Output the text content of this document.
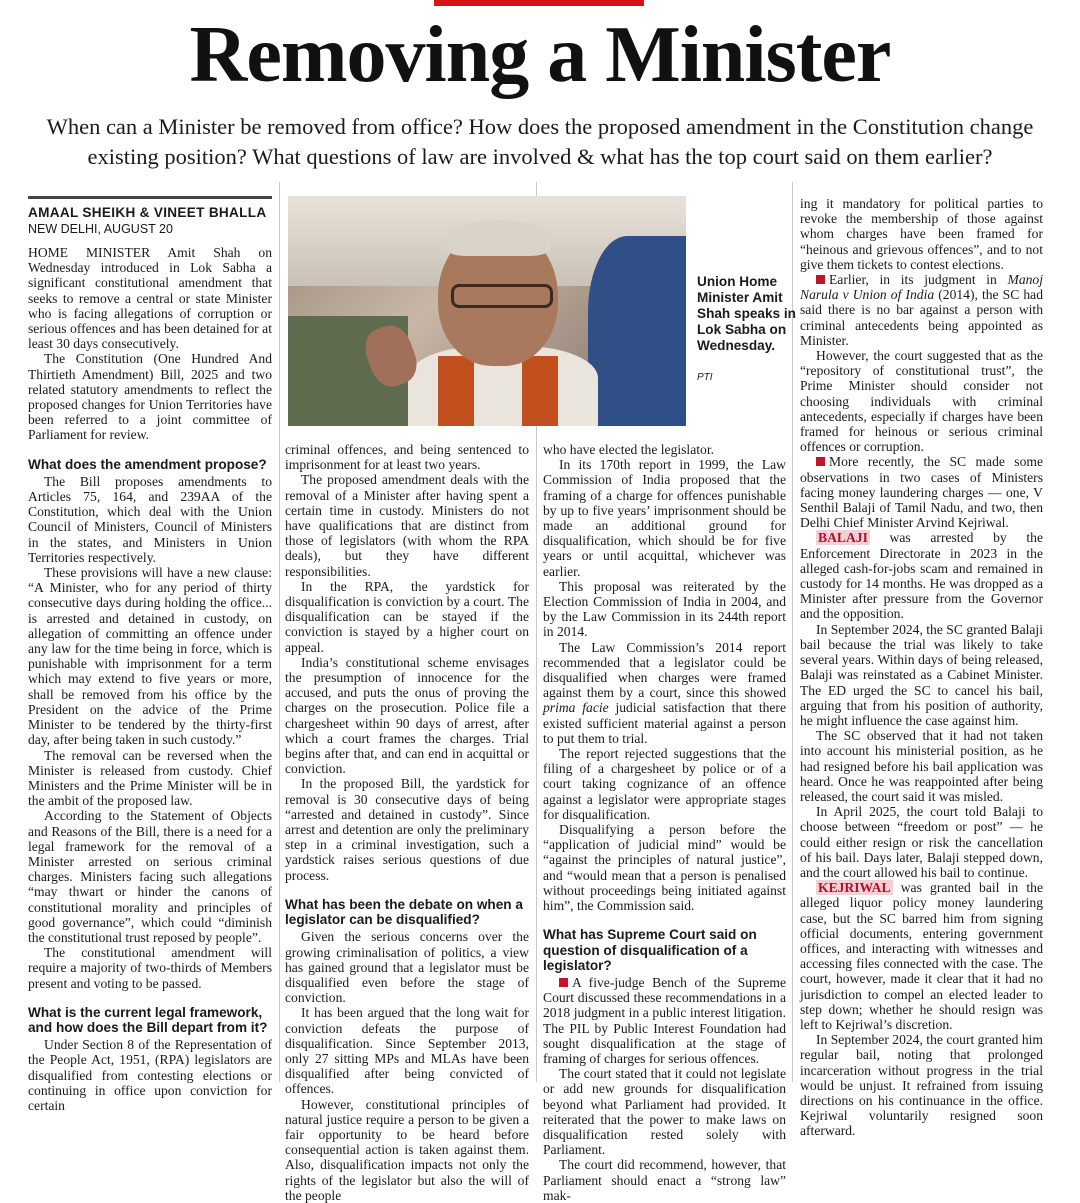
Removing a Minister
When can a Minister be removed from office? How does the proposed amendment in the Constitution change existing position? What questions of law are involved & what has the top court said on them earlier?
AMAAL SHEIKH & VINEET BHALLA
NEW DELHI, AUGUST 20

HOME MINISTER Amit Shah on Wednesday introduced in Lok Sabha a significant constitutional amendment that seeks to remove a central or state Minister who is facing allegations of corruption or serious offences and has been detained for at least 30 days consecutively.

The Constitution (One Hundred And Thirtieth Amendment) Bill, 2025 and two related statutory amendments to reflect the proposed changes for Union Territories have been referred to a joint committee of Parliament for review.

What does the amendment propose?

The Bill proposes amendments to Articles 75, 164, and 239AA of the Constitution, which deal with the Union Council of Ministers, Council of Ministers in the states, and Ministers in Union Territories respectively.

These provisions will have a new clause: “A Minister, who for any period of thirty consecutive days during holding the office... is arrested and detained in custody, on allegation of committing an offence under any law for the time being in force, which is punishable with imprisonment for a term which may extend to five years or more, shall be removed from his office by the President on the advice of the Prime Minister to be tendered by the thirty-first day, after being taken in such custody.”

The removal can be reversed when the Minister is released from custody. Chief Ministers and the Prime Minister will be in the ambit of the proposed law.

According to the Statement of Objects and Reasons of the Bill, there is a need for a legal framework for the removal of a Minister arrested on serious criminal charges. Ministers facing such allegations “may thwart or hinder the canons of constitutional morality and principles of good governance”, which could “diminish the constitutional trust reposed by people”.

The constitutional amendment will require a majority of two-thirds of Members present and voting to be passed.

What is the current legal framework, and how does the Bill depart from it?

Under Section 8 of the Representation of the People Act, 1951, (RPA) legislators are disqualified from contesting elections or continuing in office upon conviction for certain

Union Home Minister Amit Shah speaks in Lok Sabha on Wednesday.
PTI

criminal offences, and being sentenced to imprisonment for at least two years.

The proposed amendment deals with the removal of a Minister after having spent a certain time in custody. Ministers do not have qualifications that are distinct from those of legislators (with whom the RPA deals), but they have different responsibilities.

In the RPA, the yardstick for disqualification is conviction by a court. The disqualification can be stayed if the conviction is stayed by a higher court on appeal.

India’s constitutional scheme envisages the presumption of innocence for the accused, and puts the onus of proving the charges on the prosecution. Police file a chargesheet within 90 days of arrest, after which a court frames the charges. Trial begins after that, and can end in acquittal or conviction.

In the proposed Bill, the yardstick for removal is 30 consecutive days of being “arrested and detained in custody”. Since arrest and detention are only the preliminary step in a criminal investigation, such a yardstick raises serious questions of due process.

What has been the debate on when a legislator can be disqualified?

Given the serious concerns over the growing criminalisation of politics, a view has gained ground that a legislator must be disqualified even before the stage of conviction.

It has been argued that the long wait for conviction defeats the purpose of disqualification. Since September 2013, only 27 sitting MPs and MLAs have been disqualified after being convicted of offences.

However, constitutional principles of natural justice require a person to be given a fair opportunity to be heard before consequential action is taken against them. Also, disqualification impacts not only the rights of the legislator but also the will of the people

who have elected the legislator.

In its 170th report in 1999, the Law Commission of India proposed that the framing of a charge for offences punishable by up to five years’ imprisonment should be made an additional ground for disqualification, which should be for five years or until acquittal, whichever was earlier.

This proposal was reiterated by the Election Commission of India in 2004, and by the Law Commission in its 244th report in 2014.

The Law Commission’s 2014 report recommended that a legislator could be disqualified when charges were framed against them by a court, since this showed prima facie judicial satisfaction that there existed sufficient material against a person to put them to trial.

The report rejected suggestions that the filing of a chargesheet by police or of a court taking cognizance of an offence against a legislator were appropriate stages for disqualification.

Disqualifying a person before the “application of judicial mind” would be “against the principles of natural justice”, and “would mean that a person is penalised without proceedings being initiated against him”, the Commission said.

What has Supreme Court said on question of disqualification of a legislator?

A five-judge Bench of the Supreme Court discussed these recommendations in a 2018 judgment in a public interest litigation. The PIL by Public Interest Foundation had sought disqualification at the stage of framing of charges for serious offences.

The court stated that it could not legislate or add new grounds for disqualification beyond what Parliament had provided. It reiterated that the power to make laws on disqualification rested solely with Parliament.

The court did recommend, however, that Parliament should enact a “strong law” mak-

ing it mandatory for political parties to revoke the membership of those against whom charges have been framed for “heinous and grievous offences”, and to not give them tickets to contest elections.

Earlier, in its judgment in Manoj Narula v Union of India (2014), the SC had said there is no bar against a person with criminal antecedents being appointed as Minister.

However, the court suggested that as the “repository of constitutional trust”, the Prime Minister should consider not choosing individuals with criminal antecedents, especially if charges have been framed for heinous or serious criminal offences or corruption.

More recently, the SC made some observations in two cases of Ministers facing money laundering charges — one, V Senthil Balaji of Tamil Nadu, and two, then Delhi Chief Minister Arvind Kejriwal.

BALAJI was arrested by the Enforcement Directorate in 2023 in the alleged cash-for-jobs scam and remained in custody for 14 months. He was dropped as a Minister after pressure from the Governor and the opposition.

In September 2024, the SC granted Balaji bail because the trial was likely to take several years. Within days of being released, Balaji was reinstated as a Cabinet Minister. The ED urged the SC to cancel his bail, arguing that from his position of authority, he might influence the case against him.

The SC observed that it had not taken into account his ministerial position, as he had resigned before his bail application was heard. Once he was reappointed after being released, the court said it was misled.

In April 2025, the court told Balaji to choose between “freedom or post” — he could either resign or risk the cancellation of his bail. Days later, Balaji stepped down, and the court allowed his bail to continue.

KEJRIWAL was granted bail in the alleged liquor policy money laundering case, but the SC barred him from signing official documents, entering government offices, and interacting with witnesses and accessing files connected with the case. The court, however, made it clear that it had no jurisdiction to compel an elected leader to step down; whether he should resign was left to Kejriwal’s discretion.

In September 2024, the court granted him regular bail, noting that prolonged incarceration without progress in the trial would be unjust. It refrained from issuing directions on his continuance in the office. Kejriwal voluntarily resigned soon afterward.
